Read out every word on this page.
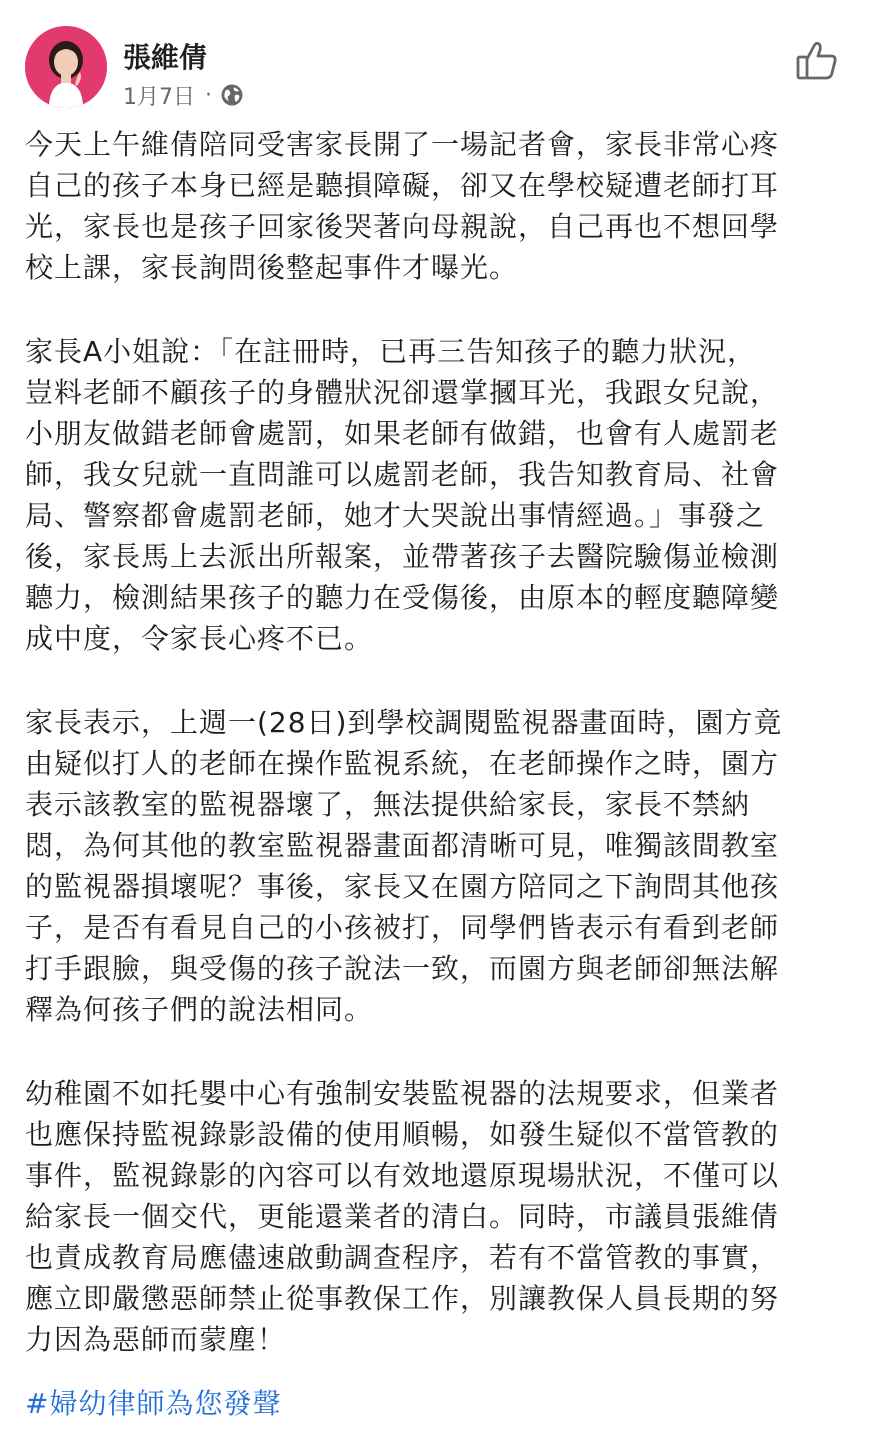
張維倩
1月7日 ·

今天上午維倩陪同受害家長開了一場記者會，家長非常心疼
自己的孩子本身已經是聽損障礙，卻又在學校疑遭老師打耳
光，家長也是孩子回家後哭著向母親說，自己再也不想回學
校上課，家長詢問後整起事件才曝光。

家長A小姐說：「在註冊時，已再三告知孩子的聽力狀況，
豈料老師不顧孩子的身體狀況卻還掌摑耳光，我跟女兒說，
小朋友做錯老師會處罰，如果老師有做錯，也會有人處罰老
師，我女兒就一直問誰可以處罰老師，我告知教育局、社會
局、警察都會處罰老師，她才大哭說出事情經過。」事發之
後，家長馬上去派出所報案，並帶著孩子去醫院驗傷並檢測
聽力，檢測結果孩子的聽力在受傷後，由原本的輕度聽障變
成中度，令家長心疼不已。

家長表示，上週一(28日)到學校調閱監視器畫面時，園方竟
由疑似打人的老師在操作監視系統，在老師操作之時，園方
表示該教室的監視器壞了，無法提供給家長，家長不禁納
悶，為何其他的教室監視器畫面都清晰可見，唯獨該間教室
的監視器損壞呢？事後，家長又在園方陪同之下詢問其他孩
子，是否有看見自己的小孩被打，同學們皆表示有看到老師
打手跟臉，與受傷的孩子說法一致，而園方與老師卻無法解
釋為何孩子們的說法相同。

幼稚園不如托嬰中心有強制安裝監視器的法規要求，但業者
也應保持監視錄影設備的使用順暢，如發生疑似不當管教的
事件，監視錄影的內容可以有效地還原現場狀況，不僅可以
給家長一個交代，更能還業者的清白。同時，市議員張維倩
也責成教育局應儘速啟動調查程序，若有不當管教的事實，
應立即嚴懲惡師禁止從事教保工作，別讓教保人員長期的努
力因為惡師而蒙塵！

#婦幼律師為您發聲
